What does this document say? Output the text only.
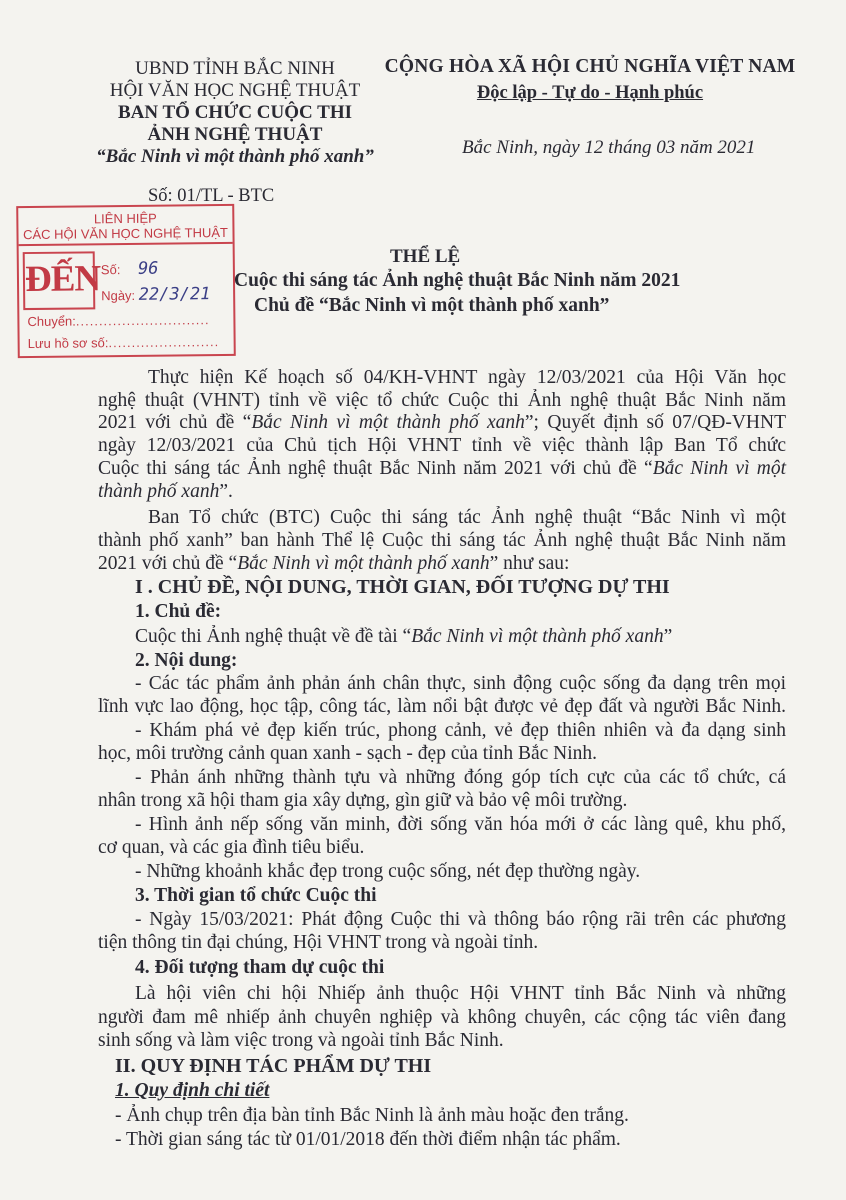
UBND TỈNH BẮC NINH
HỘI VĂN HỌC NGHỆ THUẬT
BAN TỔ CHỨC CUỘC THI
ẢNH NGHỆ THUẬT
“Bắc Ninh vì một thành phố xanh”
Số: 01/TL - BTC
CỘNG HÒA XÃ HỘI CHỦ NGHĨA VIỆT NAM
Độc lập - Tự do - Hạnh phúc
Bắc Ninh, ngày 12 tháng 03 năm 2021
LIÊN HIỆP
CÁC HỘI VĂN HỌC NGHỆ THUẬT
ĐẾN Số: 96
Ngày: 22/3/21
Chuyển:.............................
Lưu hồ sơ số:........................
THỂ LỆ
Cuộc thi sáng tác Ảnh nghệ thuật Bắc Ninh năm 2021
Chủ đề “Bắc Ninh vì một thành phố xanh”
Thực hiện Kế hoạch số 04/KH-VHNT ngày 12/03/2021 của Hội Văn học
nghệ thuật (VHNT) tỉnh về việc tổ chức Cuộc thi Ảnh nghệ thuật Bắc Ninh năm
2021 với chủ đề “Bắc Ninh vì một thành phố xanh”; Quyết định số 07/QĐ-VHNT
ngày 12/03/2021 của Chủ tịch Hội VHNT tỉnh về việc thành lập Ban Tổ chức
Cuộc thi sáng tác Ảnh nghệ thuật Bắc Ninh năm 2021 với chủ đề “Bắc Ninh vì một
thành phố xanh”.
Ban Tổ chức (BTC) Cuộc thi sáng tác Ảnh nghệ thuật “Bắc Ninh vì một
thành phố xanh” ban hành Thể lệ Cuộc thi sáng tác Ảnh nghệ thuật Bắc Ninh năm
2021 với chủ đề “Bắc Ninh vì một thành phố xanh” như sau:
I . CHỦ ĐỀ, NỘI DUNG, THỜI GIAN, ĐỐI TƯỢNG DỰ THI
1. Chủ đề:
Cuộc thi Ảnh nghệ thuật về đề tài “Bắc Ninh vì một thành phố xanh”
2. Nội dung:
- Các tác phẩm ảnh phản ánh chân thực, sinh động cuộc sống đa dạng trên mọi
lĩnh vực lao động, học tập, công tác, làm nổi bật được vẻ đẹp đất và người Bắc Ninh.
- Khám phá vẻ đẹp kiến trúc, phong cảnh, vẻ đẹp thiên nhiên và đa dạng sinh
học, môi trường cảnh quan xanh - sạch - đẹp của tỉnh Bắc Ninh.
- Phản ánh những thành tựu và những đóng góp tích cực của các tổ chức, cá
nhân trong xã hội tham gia xây dựng, gìn giữ và bảo vệ môi trường.
- Hình ảnh nếp sống văn minh, đời sống văn hóa mới ở các làng quê, khu phố,
cơ quan, và các gia đình tiêu biểu.
- Những khoảnh khắc đẹp trong cuộc sống, nét đẹp thường ngày.
3. Thời gian tổ chức Cuộc thi
- Ngày 15/03/2021: Phát động Cuộc thi và thông báo rộng rãi trên các phương
tiện thông tin đại chúng, Hội VHNT trong và ngoài tỉnh.
4. Đối tượng tham dự cuộc thi
Là hội viên chi hội Nhiếp ảnh thuộc Hội VHNT tỉnh Bắc Ninh và những
người đam mê nhiếp ảnh chuyên nghiệp và không chuyên, các cộng tác viên đang
sinh sống và làm việc trong và ngoài tỉnh Bắc Ninh.
II. QUY ĐỊNH TÁC PHẨM DỰ THI
1. Quy định chi tiết
- Ảnh chụp trên địa bàn tỉnh Bắc Ninh là ảnh màu hoặc đen trắng.
- Thời gian sáng tác từ 01/01/2018 đến thời điểm nhận tác phẩm.
